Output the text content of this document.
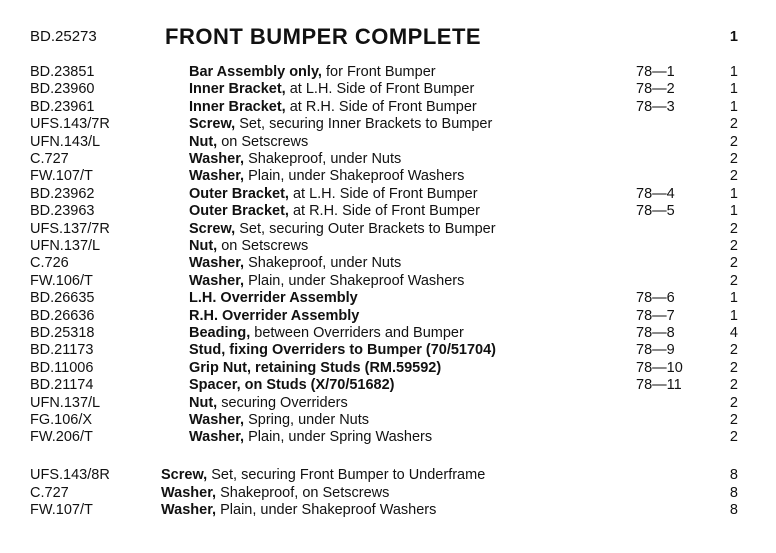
BD.25273	FRONT BUMPER COMPLETE	1
BD.23851	Bar Assembly only, for Front Bumper	78—1	1
BD.23960	Inner Bracket, at L.H. Side of Front Bumper	78—2	1
BD.23961	Inner Bracket, at R.H. Side of Front Bumper	78—3	1
UFS.143/7R	Screw, Set, securing Inner Brackets to Bumper	2
UFN.143/L	Nut, on Setscrews	2
C.727	Washer, Shakeproof, under Nuts	2
FW.107/T	Washer, Plain, under Shakeproof Washers	2
BD.23962	Outer Bracket, at L.H. Side of Front Bumper	78—4	1
BD.23963	Outer Bracket, at R.H. Side of Front Bumper	78—5	1
UFS.137/7R	Screw, Set, securing Outer Brackets to Bumper	2
UFN.137/L	Nut, on Setscrews	2
C.726	Washer, Shakeproof, under Nuts	2
FW.106/T	Washer, Plain, under Shakeproof Washers	2
BD.26635	L.H. Overrider Assembly	78—6	1
BD.26636	R.H. Overrider Assembly	78—7	1
BD.25318	Beading, between Overriders and Bumper	78—8	4
BD.21173	Stud, fixing Overriders to Bumper (70/51704)	78—9	2
BD.11006	Grip Nut, retaining Studs (RM.59592)	78—10	2
BD.21174	Spacer, on Studs (X/70/51682)	78—11	2
UFN.137/L	Nut, securing Overriders	2
FG.106/X	Washer, Spring, under Nuts	2
FW.206/T	Washer, Plain, under Spring Washers	2
UFS.143/8R	Screw, Set, securing Front Bumper to Underframe	8
C.727	Washer, Shakeproof, on Setscrews	8
FW.107/T	Washer, Plain, under Shakeproof Washers	8
